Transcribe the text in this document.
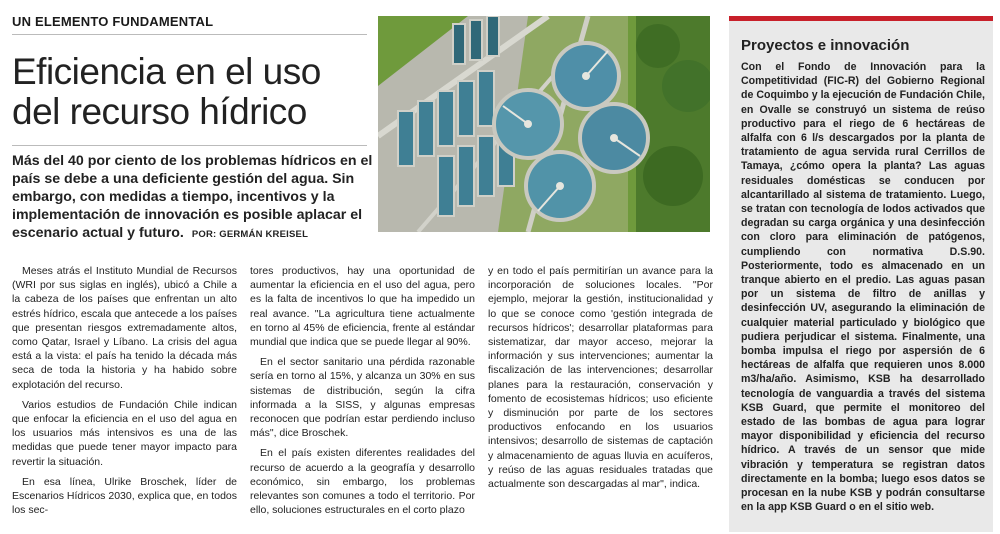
UN ELEMENTO FUNDAMENTAL
Eficiencia en el uso del recurso hídrico
Más del 40 por ciento de los problemas hídricos en el país se debe a una deficiente gestión del agua. Sin embargo, con medidas a tiempo, incentivos y la implementación de innovación es posible aplacar el escenario actual y futuro. POR: GERMÁN KREISEL

Meses atrás el Instituto Mundial de Recursos (WRI por sus siglas en inglés), ubicó a Chile a la cabeza de los países que enfrentan un alto estrés hídrico, escala que antecede a los países que presentan riesgos extremadamente altos, como Qatar, Israel y Líbano. La crisis del agua está a la vista: el país ha tenido la década más seca de toda la historia y ha habido sobre explotación del recurso.

Varios estudios de Fundación Chile indican que enfocar la eficiencia en el uso del agua en los usuarios más intensivos es una de las medidas que puede tener mayor impacto para revertir la situación.

En esa línea, Ulrike Broschek, líder de Escenarios Hídricos 2030, explica que, en todos los sec-

tores productivos, hay una oportunidad de aumentar la eficiencia en el uso del agua, pero es la falta de incentivos lo que ha impedido un real avance. "La agricultura tiene actualmente en torno al 45% de eficiencia, frente al estándar mundial que indica que se puede llegar al 90%.

En el sector sanitario una pérdida razonable sería en torno al 15%, y alcanza un 30% en sus sistemas de distribución, según la cifra informada a la SISS, y algunas empresas reconocen que podrían estar perdiendo incluso más", dice Broschek.

En el país existen diferentes realidades del recurso de acuerdo a la geografía y desarrollo económico, sin embargo, los problemas relevantes son comunes a todo el territorio. Por ello, soluciones estructurales en el corto plazo

y en todo el país permitirían un avance para la incorporación de soluciones locales. "Por ejemplo, mejorar la gestión, institucionalidad y lo que se conoce como 'gestión integrada de recursos hídricos'; desarrollar plataformas para sistematizar, dar mayor acceso, mejorar la información y sus intervenciones; aumentar la fiscalización de las intervenciones; desarrollar planes para la restauración, conservación y fomento de ecosistemas hídricos; uso eficiente y disminución por parte de los sectores productivos enfocando en los usuarios intensivos; desarrollo de sistemas de captación y almacenamiento de aguas lluvia en acuíferos, y reúso de las aguas residuales tratadas que actualmente son descargadas al mar", indica.

Proyectos e innovación
Con el Fondo de Innovación para la Competitividad (FIC-R) del Gobierno Regional de Coquimbo y la ejecución de Fundación Chile, en Ovalle se construyó un sistema de reúso productivo para el riego de 6 hectáreas de alfalfa con 6 l/s descargados por la planta de tratamiento de agua servida rural Cerrillos de Tamaya, ¿cómo opera la planta? Las aguas residuales domésticas se conducen por alcantarillado al sistema de tratamiento. Luego, se tratan con tecnología de lodos activados que degradan su carga orgánica y una desinfección con cloro para eliminación de patógenos, cumpliendo con normativa D.S.90. Posteriormente, todo es almacenado en un tranque abierto en el predio. Las aguas pasan por un sistema de filtro de anillas y desinfección UV, asegurando la eliminación de cualquier material particulado y biológico que pudiera perjudicar el sistema. Finalmente, una bomba impulsa el riego por aspersión de 6 hectáreas de alfalfa que requieren unos 8.000 m3/ha/año. Asimismo, KSB ha desarrollado tecnología de vanguardia a través del sistema KSB Guard, que permite el monitoreo del estado de las bombas de agua para lograr mayor disponibilidad y eficiencia del recurso hídrico. A través de un sensor que mide vibración y temperatura se registran datos directamente en la bomba; luego esos datos se procesan en la nube KSB y podrán consultarse en la app KSB Guard o en el sitio web.
